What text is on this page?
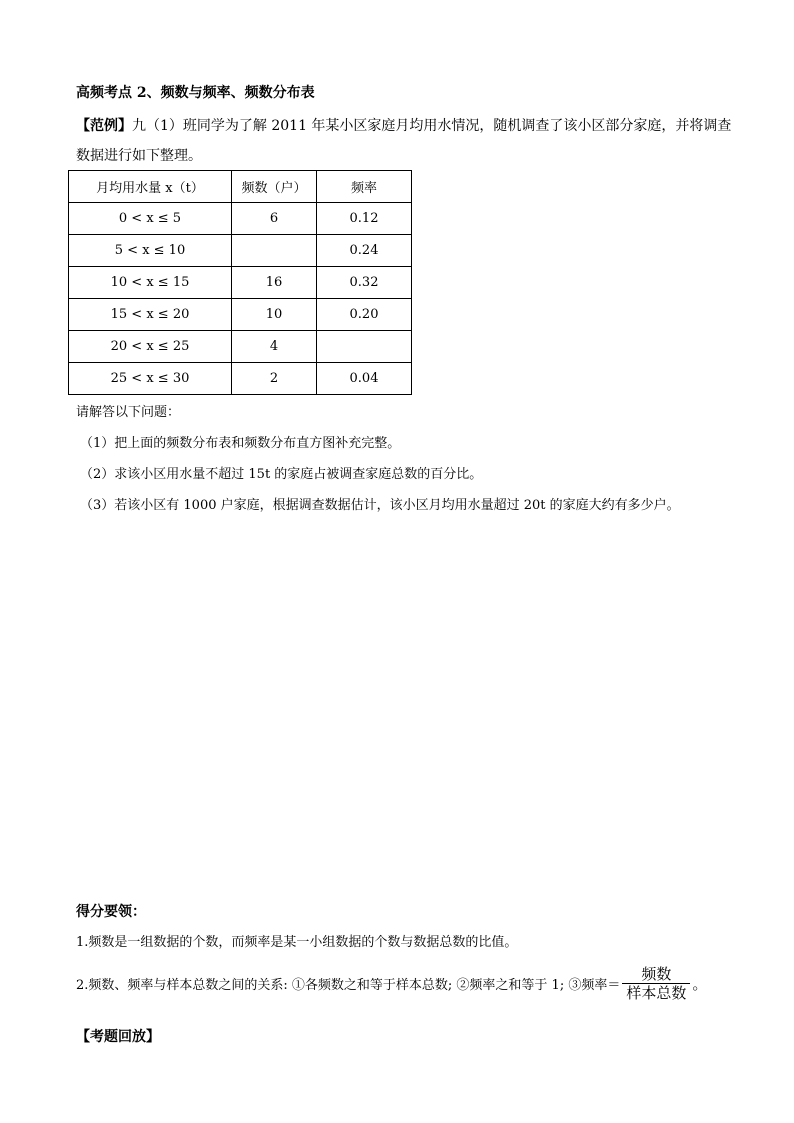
高频考点 2、频数与频率、频数分布表
【范例】九（1）班同学为了解 2011 年某小区家庭月均用水情况，随机调查了该小区部分家庭，并将调查
数据进行如下整理。
月均用水量 x（t）	频数（户）	频率
0 < x ≤ 5	6	0.12
5 < x ≤ 10		0.24
10 < x ≤ 15	16	0.32
15 < x ≤ 20	10	0.20
20 < x ≤ 25	4	
25 < x ≤ 30	2	0.04
请解答以下问题：
（1）把上面的频数分布表和频数分布直方图补充完整。
（2）求该小区用水量不超过 15t 的家庭占被调查家庭总数的百分比。
（3）若该小区有 1000 户家庭，根据调查数据估计，该小区月均用水量超过 20t 的家庭大约有多少户。
得分要领：
1.频数是一组数据的个数，而频率是某一小组数据的个数与数据总数的比值。
2.频数、频率与样本总数之间的关系: ①各频数之和等于样本总数; ②频率之和等于 1; ③频率＝ $\frac{\text{频数}}{\text{样本总数}}$ 。
【考题回放】
